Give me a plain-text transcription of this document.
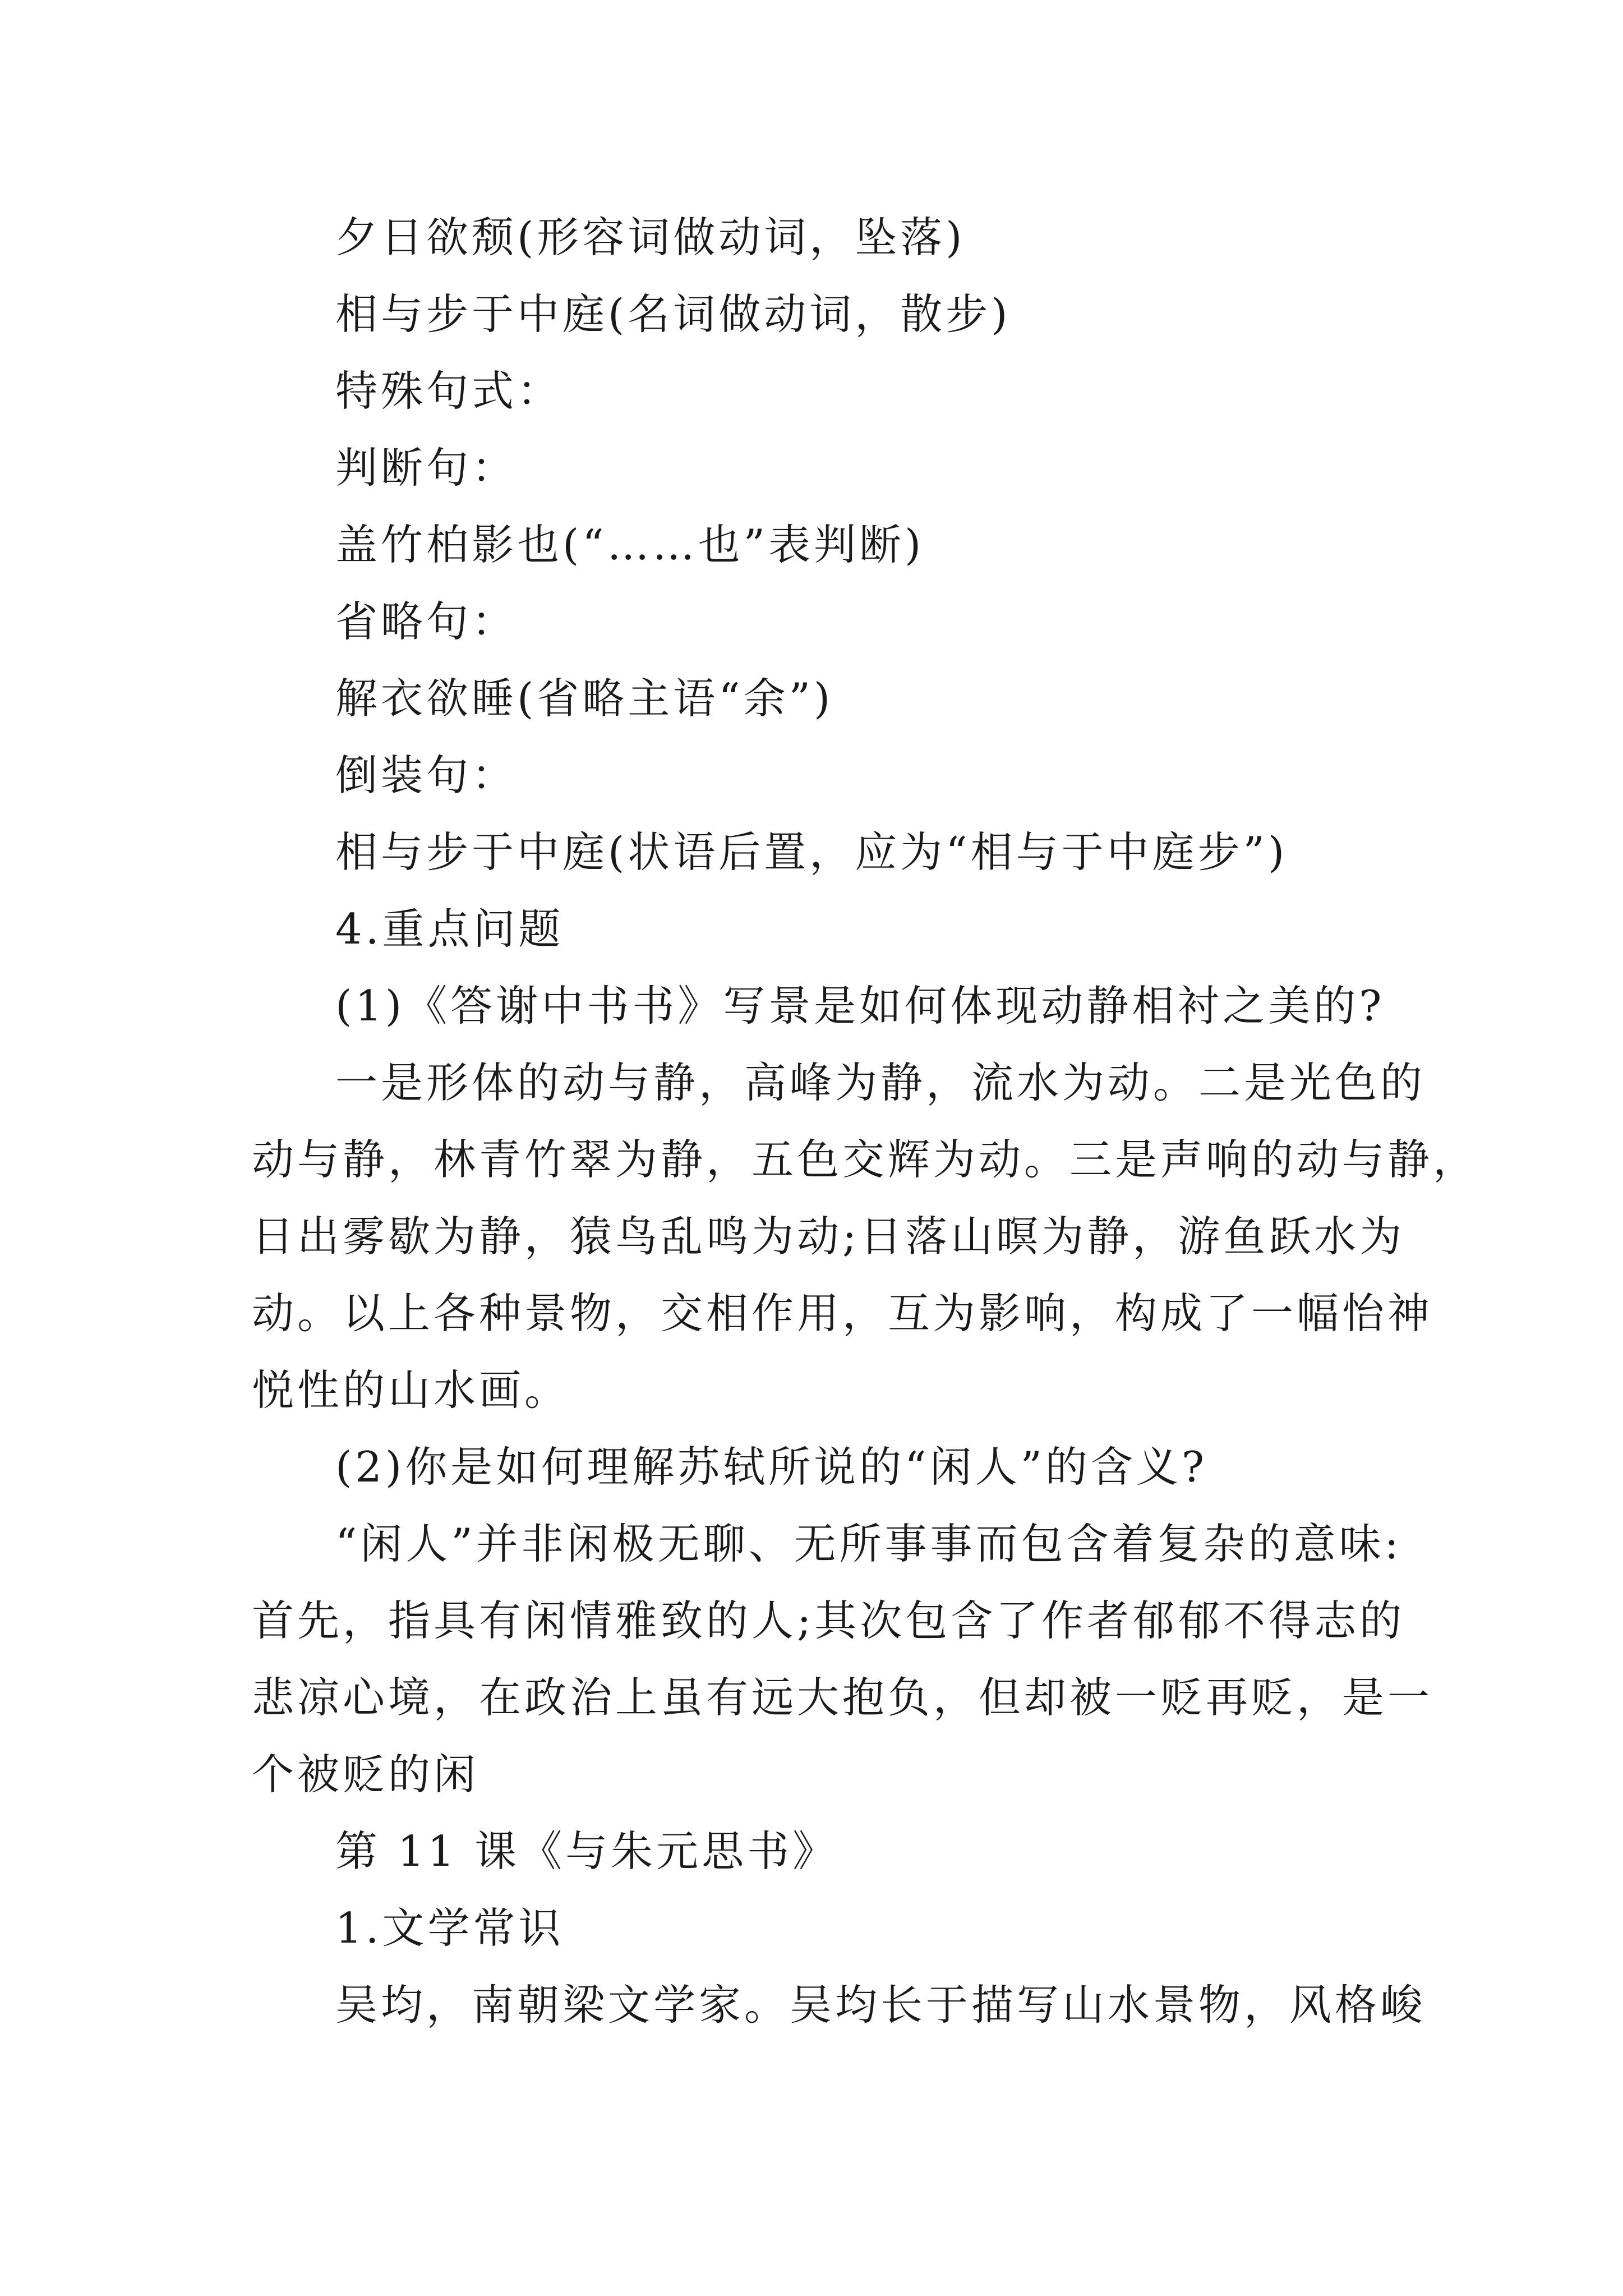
夕日欲颓(形容词做动词，坠落)
相与步于中庭(名词做动词，散步)
特殊句式：
判断句：
盖竹柏影也(“……也”表判断)
省略句：
解衣欲睡(省略主语“余”)
倒装句：
相与步于中庭(状语后置，应为“相与于中庭步”)
4.重点问题
(1)《答谢中书书》写景是如何体现动静相衬之美的?
一是形体的动与静，高峰为静，流水为动。二是光色的
动与静，林青竹翠为静，五色交辉为动。三是声响的动与静，
日出雾歇为静，猿鸟乱鸣为动;日落山暝为静，游鱼跃水为
动。以上各种景物，交相作用，互为影响，构成了一幅怡神
悦性的山水画。
(2)你是如何理解苏轼所说的“闲人”的含义?
“闲人”并非闲极无聊、无所事事而包含着复杂的意味:
首先，指具有闲情雅致的人;其次包含了作者郁郁不得志的
悲凉心境，在政治上虽有远大抱负，但却被一贬再贬，是一
个被贬的闲
第 11 课《与朱元思书》
1.文学常识
吴均，南朝梁文学家。吴均长于描写山水景物，风格峻
